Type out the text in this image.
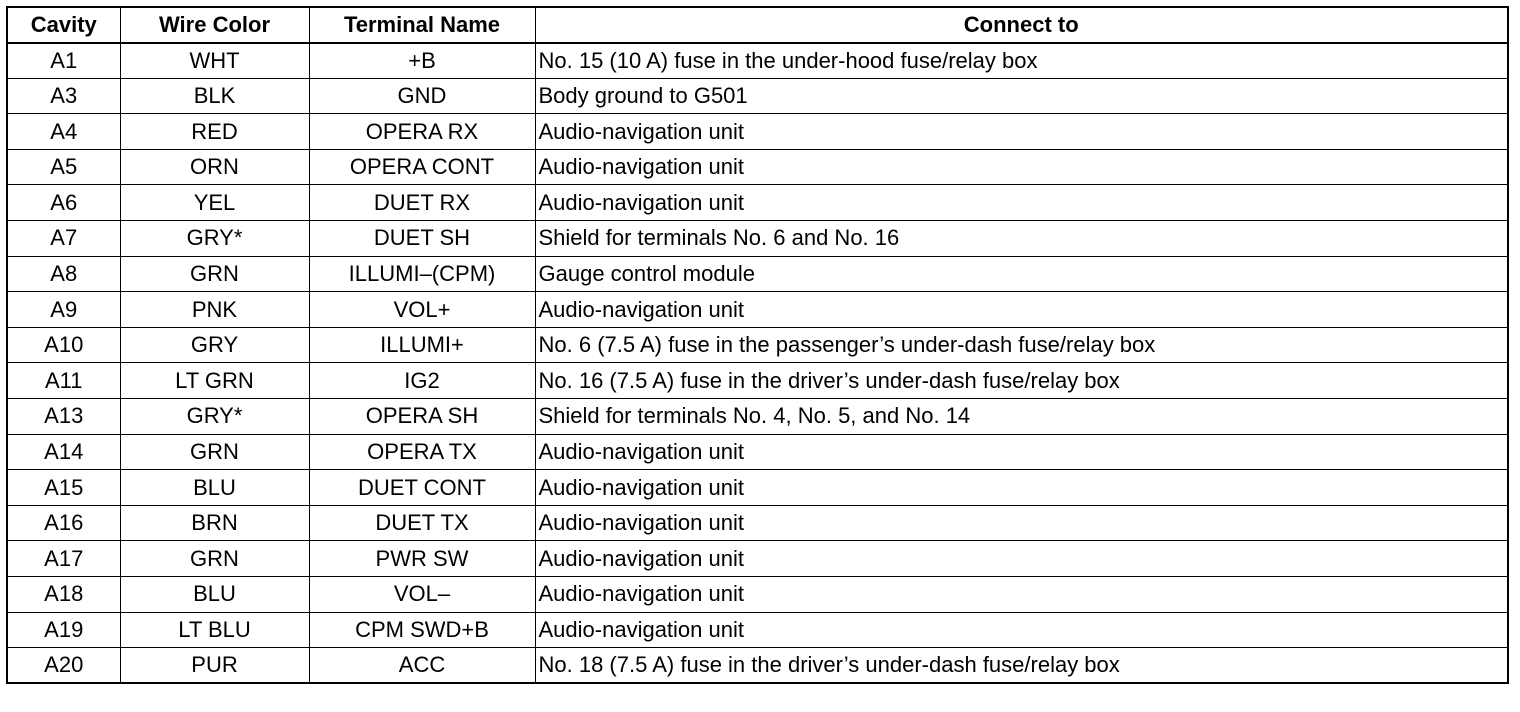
Cavity	Wire Color	Terminal Name	Connect to
A1	WHT	+B	No. 15 (10 A) fuse in the under-hood fuse/relay box
A3	BLK	GND	Body ground to G501
A4	RED	OPERA RX	Audio-navigation unit
A5	ORN	OPERA CONT	Audio-navigation unit
A6	YEL	DUET RX	Audio-navigation unit
A7	GRY*	DUET SH	Shield for terminals No. 6 and No. 16
A8	GRN	ILLUMI–(CPM)	Gauge control module
A9	PNK	VOL+	Audio-navigation unit
A10	GRY	ILLUMI+	No. 6 (7.5 A) fuse in the passenger’s under-dash fuse/relay box
A11	LT GRN	IG2	No. 16 (7.5 A) fuse in the driver’s under-dash fuse/relay box
A13	GRY*	OPERA SH	Shield for terminals No. 4, No. 5, and No. 14
A14	GRN	OPERA TX	Audio-navigation unit
A15	BLU	DUET CONT	Audio-navigation unit
A16	BRN	DUET TX	Audio-navigation unit
A17	GRN	PWR SW	Audio-navigation unit
A18	BLU	VOL–	Audio-navigation unit
A19	LT BLU	CPM SWD+B	Audio-navigation unit
A20	PUR	ACC	No. 18 (7.5 A) fuse in the driver’s under-dash fuse/relay box
